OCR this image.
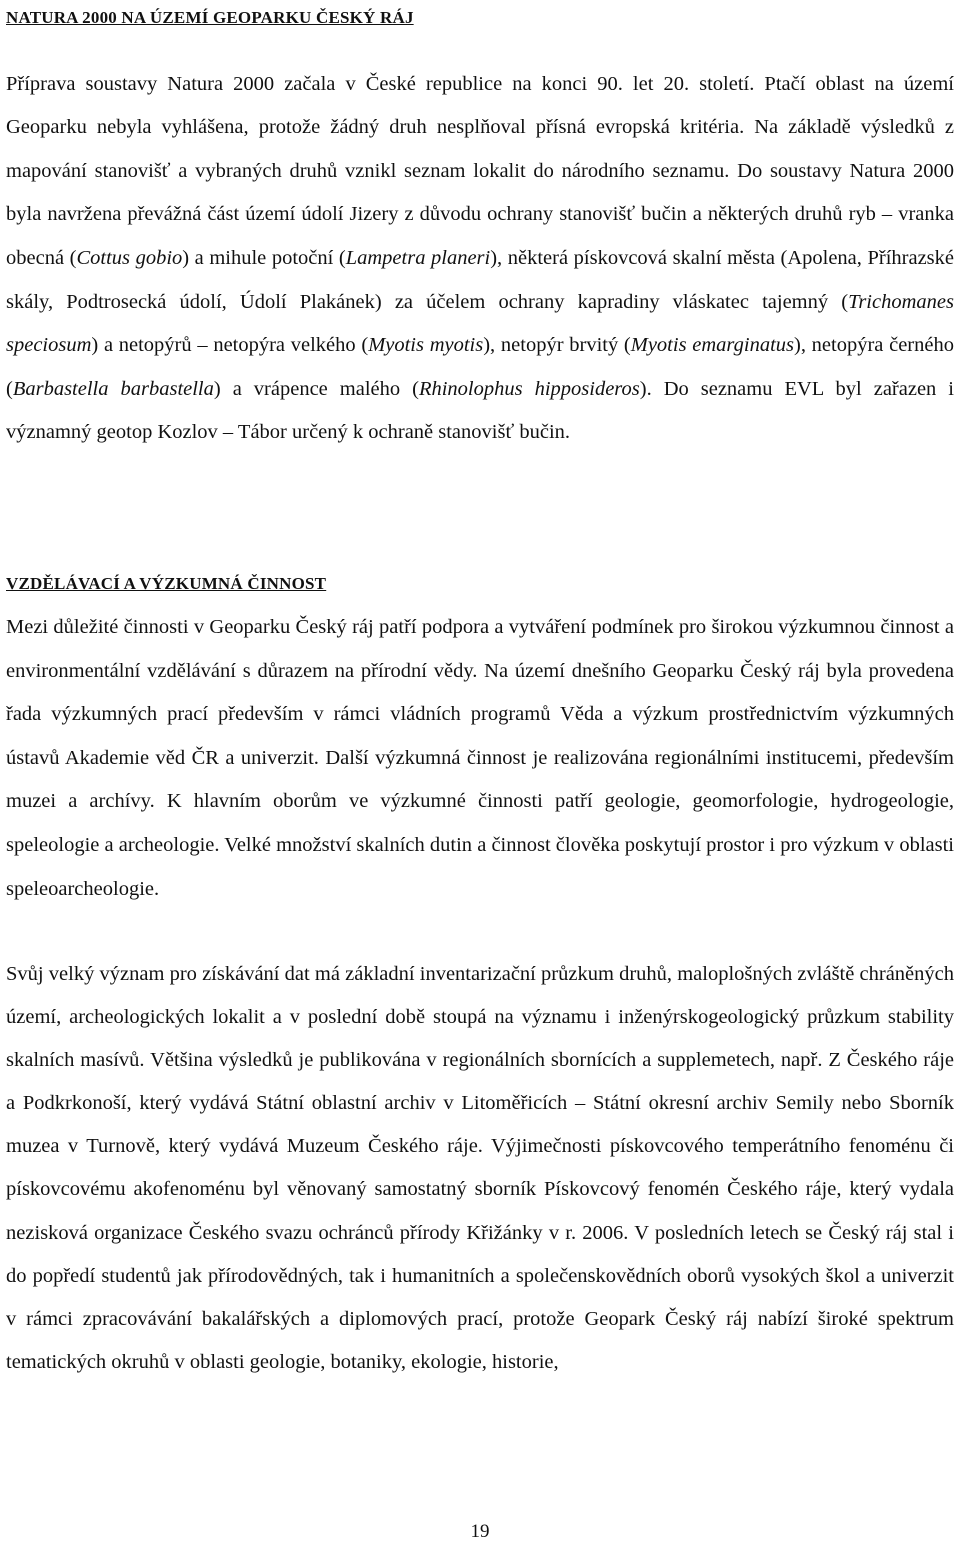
NATURA 2000 NA ÚZEMÍ GEOPARKU ČESKÝ RÁJ

Příprava soustavy Natura 2000 začala v České republice na konci 90. let 20. století. Ptačí oblast na území Geoparku nebyla vyhlášena, protože žádný druh nesplňoval přísná evropská kritéria. Na základě výsledků z mapování stanovišť a vybraných druhů vznikl seznam lokalit do národního seznamu. Do soustavy Natura 2000 byla navržena převážná část území údolí Jizery z důvodu ochrany stanovišť bučin a některých druhů ryb – vranka obecná (Cottus gobio) a mihule potoční (Lampetra planeri), některá pískovcová skalní města (Apolena, Příhrazské skály, Podtrosecká údolí, Údolí Plakánek) za účelem ochrany kapradiny vláskatec tajemný (Trichomanes speciosum) a netopýrů – netopýra velkého (Myotis myotis), netopýr brvitý (Myotis emarginatus), netopýra černého (Barbastella barbastella) a vrápence malého (Rhinolophus hipposideros). Do seznamu EVL byl zařazen i významný geotop Kozlov – Tábor určený k ochraně stanovišť bučin.

VZDĚLÁVACÍ A VÝZKUMNÁ ČINNOST

Mezi důležité činnosti v Geoparku Český ráj patří podpora a vytváření podmínek pro širokou výzkumnou činnost a environmentální vzdělávání s důrazem na přírodní vědy. Na území dnešního Geoparku Český ráj byla provedena řada výzkumných prací především v rámci vládních programů Věda a výzkum prostřednictvím výzkumných ústavů Akademie věd ČR a univerzit. Další výzkumná činnost je realizována regionálními institucemi, především muzei a archívy. K hlavním oborům ve výzkumné činnosti patří geologie, geomorfologie, hydrogeologie, speleologie a archeologie. Velké množství skalních dutin a činnost člověka poskytují prostor i pro výzkum v oblasti speleoarcheologie.

Svůj velký význam pro získávání dat má základní inventarizační průzkum druhů, maloplošných zvláště chráněných území, archeologických lokalit a v poslední době stoupá na významu i inženýrskogeologický průzkum stability skalních masívů. Většina výsledků je publikována v regionálních sbornících a supplemetech, např. Z Českého ráje a Podkrkonoší, který vydává Státní oblastní archiv v Litoměřicích – Státní okresní archiv Semily nebo Sborník muzea v Turnově, který vydává Muzeum Českého ráje. Výjimečnosti pískovcového temperátního fenoménu či pískovcovému akofenoménu byl věnovaný samostatný sborník Pískovcový fenomén Českého ráje, který vydala nezisková organizace Českého svazu ochránců přírody Křižánky v r. 2006. V posledních letech se Český ráj stal i do popředí studentů jak přírodovědných, tak i humanitních a společenskovědních oborů vysokých škol a univerzit v rámci zpracovávání bakalářských a diplomových prací, protože Geopark Český ráj nabízí široké spektrum tematických okruhů v oblasti geologie, botaniky, ekologie, historie,

19
